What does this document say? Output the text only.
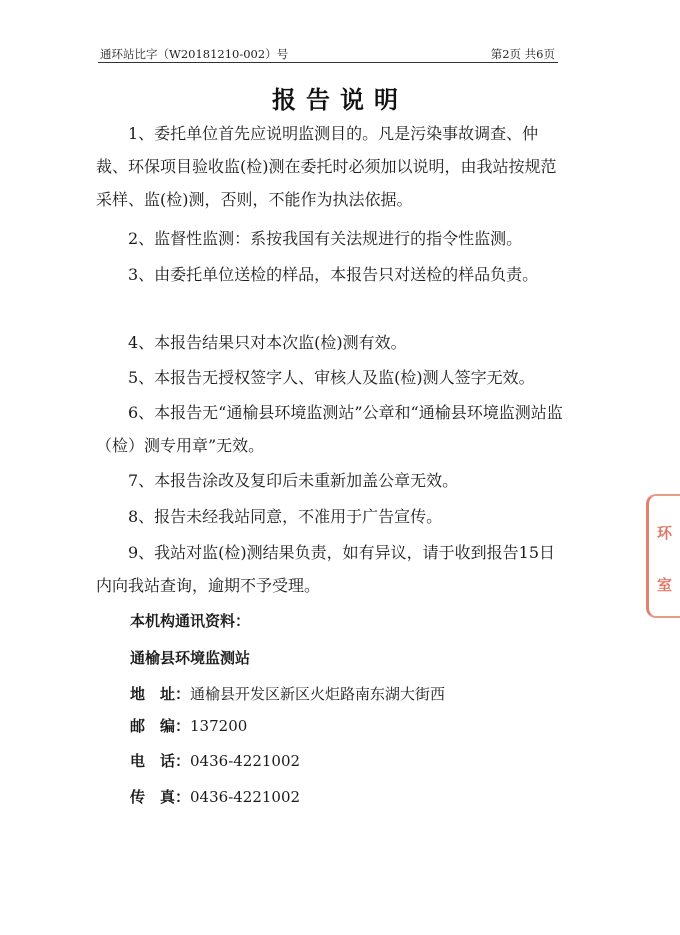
通环站比字（W20181210-002）号	第2页 共6页
报告说明

1、委托单位首先应说明监测目的。凡是污染事故调查、仲裁、环保项目验收监(检)测在委托时必须加以说明，由我站按规范采样、监(检)测，否则，不能作为执法依据。

2、监督性监测：系按我国有关法规进行的指令性监测。

3、由委托单位送检的样品，本报告只对送检的样品负责。

4、本报告结果只对本次监(检)测有效。

5、本报告无授权签字人、审核人及监(检)测人签字无效。

6、本报告无“通榆县环境监测站”公章和“通榆县环境监测站监（检）测专用章”无效。

7、本报告涂改及复印后未重新加盖公章无效。

8、报告未经我站同意，不准用于广告宣传。

9、我站对监(检)测结果负责，如有异议，请于收到报告15日内向我站查询，逾期不予受理。

本机构通讯资料：
通榆县环境监测站
地　址：通榆县开发区新区火炬路南东湖大街西
邮　编：137200
电　话：0436-4221002
传　真：0436-4221002
环
室
